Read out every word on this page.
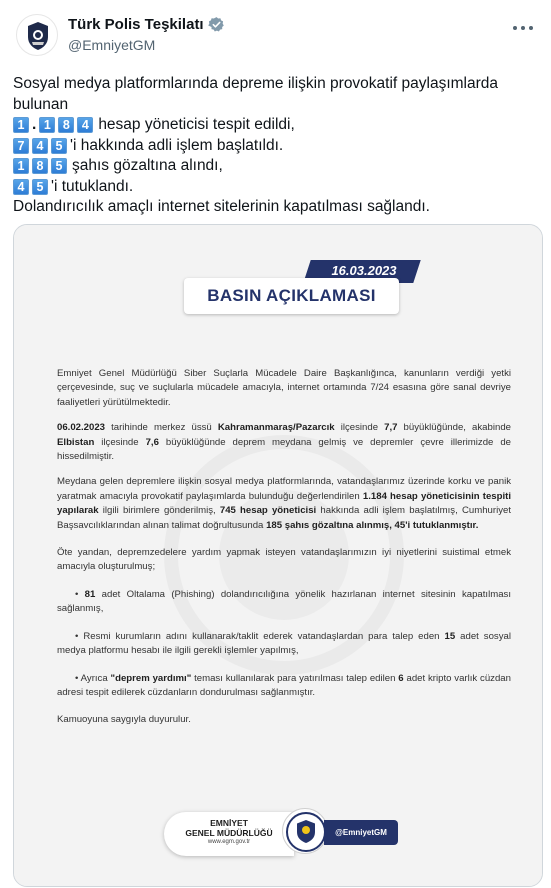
Türk Polis Teşkilatı
@EmniyetGM
Sosyal medya platformlarında depreme ilişkin provokatif paylaşımlarda bulunan
1 . 1 8 4 hesap yöneticisi tespit edildi,
7 4 5 'i hakkında adli işlem başlatıldı.
1 8 5 şahıs gözaltına alındı,
4 5 'i tutuklandı.
Dolandırıcılık amaçlı internet sitelerinin kapatılması sağlandı.
16.03.2023
BASIN AÇIKLAMASI

Emniyet Genel Müdürlüğü Siber Suçlarla Mücadele Daire Başkanlığınca, kanunların verdiği yetki çerçevesinde, suç ve suçlularla mücadele amacıyla, internet ortamında 7/24 esasına göre sanal devriye faaliyetleri yürütülmektedir.

06.02.2023 tarihinde merkez üssü Kahramanmaraş/Pazarcık ilçesinde 7,7 büyüklüğünde, akabinde Elbistan ilçesinde 7,6 büyüklüğünde deprem meydana gelmiş ve depremler çevre illerimizde de hissedilmiştir.

Meydana gelen depremlere ilişkin sosyal medya platformlarında, vatandaşlarımız üzerinde korku ve panik yaratmak amacıyla provokatif paylaşımlarda bulunduğu değerlendirilen 1.184 hesap yöneticisinin tespiti yapılarak ilgili birimlere gönderilmiş, 745 hesap yöneticisi hakkında adli işlem başlatılmış, Cumhuriyet Başsavcılıklarından alınan talimat doğrultusunda 185 şahıs gözaltına alınmış, 45'i tutuklanmıştır.

Öte yandan, depremzedelere yardım yapmak isteyen vatandaşlarımızın iyi niyetlerini suistimal etmek amacıyla oluşturulmuş;

• 81 adet Oltalama (Phishing) dolandırıcılığına yönelik hazırlanan internet sitesinin kapatılması sağlanmış,

• Resmi kurumların adını kullanarak/taklit ederek vatandaşlardan para talep eden 15 adet sosyal medya platformu hesabı ile ilgili gerekli işlemler yapılmış,

• Ayrıca "deprem yardımı" teması kullanılarak para yatırılması talep edilen 6 adet kripto varlık cüzdan adresi tespit edilerek cüzdanların dondurulması sağlanmıştır.

Kamuoyuna saygıyla duyurulur.

EMNİYET
GENEL MÜDÜRLÜĞÜ
www.egm.gov.tr
@EmniyetGM
